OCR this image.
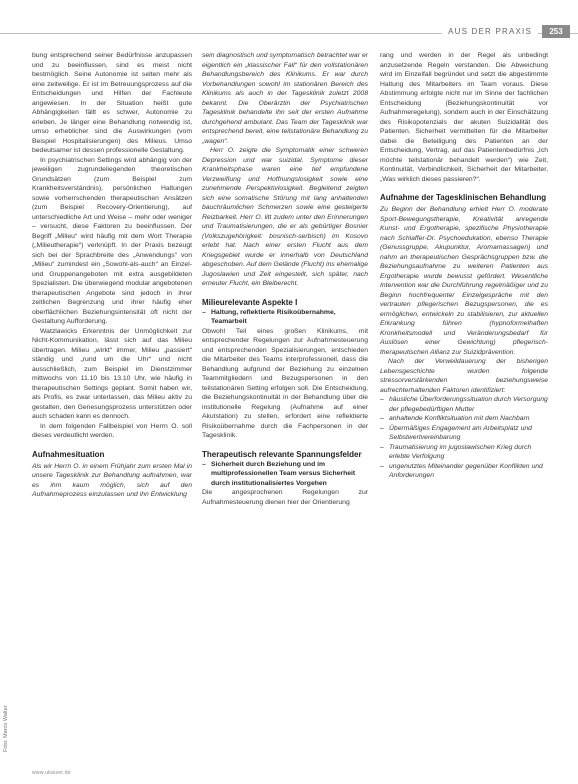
AUS DER PRAXIS	253

bung entsprechend seiner Bedürfnisse anzupassen und zu beeinflussen, sind es meist nicht bestmöglich. Seine Autonomie ist selten mehr als eine zeitweilige. Er ist im Betreuungsprozess auf die Entscheidungen und Hilfen der Fachleute angewiesen. In der Situation heißt gute Abhängigkeiten fällt es schwer, Autonomie zu erleben. Je länger eine Behandlung notwendig ist, umso erheblicher sind die Auswirkungen (vom Beispiel Hospitalisierungen) des Milieus. Umso bedeutsamer ist dessen professionelle Gestaltung.

In psychiatrischen Settings wird abhängig von der jeweiligen zugrundeliegenden theoretischen Grundsätzen (zum Beispiel zum Krankheitsverständnis), persönlichen Haltungen sowie vorherrschenden therapeutischen Ansätzen (zum Beispiel Recovery-Orientierung), auf unterschiedliche Art und Weise – mehr oder weniger – versucht, diese Faktoren zu beeinflussen. Der Begriff „Milieu“ wird häufig mit dem Wort Therapie („Milieutherapie“) verknüpft. In der Praxis bezeugt sich bei der Sprachbreite des „Anwendungs“ von „Milieu“ zumindest ein „Sowohl-als-auch“ an Einzel- und Gruppenangeboten mit extra ausgebildeten Spezialisten. Die überwiegend modular angebotenen therapeutischen Angebote sind jedoch in ihrer zeitlichen Begrenzung und ihrer häufig eher oberflächlichen Beziehungsintensität oft nicht der Gestaltung Aufforderung.

Watzlawicks Erkenntnis der Unmöglichkeit zur Nicht-Kommunikation, lässt sich auf das Milieu übertragen. Milieu „wirkt“ immer, Milieu „passiert“ ständig und „rund um die Uhr“ und nicht ausschließlich, zum Beispiel im Dienstzimmer mittwochs von 11.10 bis 13.10 Uhr, wie häufig in therapeutischen Settings geplant. Somit haben wir, als Profis, es zwar unterlassen, das Milieu aktiv zu gestalten, den Genesungsprozess unterstützen oder auch schaden kann es dennoch.

In dem folgenden Fallbeispiel von Herrn O. soll dieses verdeutlicht werden.

Aufnahmesituation

Als wir Herrn O. in einem Frühjahr zum ersten Mal in unsere Tagesklinik zur Behandlung aufnahmen, war es ihm kaum möglich, sich auf den Aufnahmeprozess einzulassen und ihn Entwicklung

sein diagnostisch und symptomatisch betrachtet war er eigentlich ein „klassischer Fall“ für den vollstationären Behandlungsbereich des Klinikums. Er war durch Vorbehandlungen sowohl im stationären Bereich des Klinikums als auch in der Tagesklinik zuletzt 2008 bekannt. Die Oberärztin der Psychiatrischen Tagesklinik behandelte ihn seit der ersten Aufnahme durchgehend ambulant. Das Team der Tagesklinik war entsprechend bereit, eine teilstationäre Behandlung zu „wagen“.

Herr O. zeigte die Symptomatik einer schweren Depression und war suizidal. Symptome dieser Krankheitsphase waren eine tief empfundene Verzweiflung und Hoffnungslosigkeit sowie eine zunehmende Perspektivlosigkeit. Begleitend zeigten sich eine somatische Störung mit lang anhaltenden bauchräumlichen Schmerzen sowie eine gesteigerte Reizbarkeit. Herr O. litt zudem unter den Erinnerungen und Traumatisierungen, die er als gebürtiger Bosnier (Volkszugehörigkeit: bosnisch-serbisch) im Kosovo erlebt hat. Nach einer ersten Flucht aus dem Kriegsgebiet wurde er innerhalb von Deutschland abgeschoben. Auf dem Gelände (Flucht) ins ehemalige Jugoslawien und Zeit eingestellt, sich später, nach erneuter Flucht, ein Bleiberecht.

Milieurelevante Aspekte I
– Haltung, reflektierte Risikoübernahme, Teamarbeit

Obwohl Teil eines großen Klinikums, mit entsprechender Regelungen zur Aufnahmesteuerung und entsprechenden Spezialisierungen, entschieden die Mitarbeiter des Teams interprofessionell, dass die Behandlung aufgrund der Beziehung zu einzelnen Teammitgliedern und Bezugspersonen in den teilstationären Setting erfolgen soll. Die Entscheidung, die Beziehungskontinuität in der Behandlung über die institutionelle Regelung (Aufnahme auf einer Akutstation) zu stellen, erfordert eine reflektierte Risikoübernahme durch die Fachpersonen in der Tagesklinik.

Therapeutisch relevante Spannungsfelder
– Sicherheit durch Beziehung und im multiprofessionellen Team versus Sicherheit durch institutionalisiertes Vorgehen

Die angesprochenen Regelungen zur Aufnahmesteuerung dienen hier der Orientierung

rang und werden in der Regel als unbedingt anzusetzende Regeln verstanden. Die Abweichung wird im Einzelfall begründet und setzt die abgestimmte Haltung des Mitarbeiters im Team voraus. Diese Abstimmung erfolgte nicht nur im Sinne der fachlichen Entscheidung (Beziehungskontinuität vor Aufnahmeregelung), sondern auch in der Einschätzung des Risikopotenzials der akuten Suizidalität des Patienten. Sicherheit vermittelten für die Mitarbeiter dabei die Beteiligung des Patienten an der Entscheidung, Vertrag, auf das Patientenbedürfnis „Ich möchte teilstationär behandelt werden“) wie Zeit, Kontinuität, Verbindlichkeit, Sicherheit der Mitarbeiter, „Was wirklich dieses passieren?“.

Aufnahme der Tagesklinischen Behandlung

Zu Beginn der Behandlung erhielt Herr O. moderate Sport-Bewegungstherapie, Kreativität anregende Kunst- und Ergotherapie, spezifische Physiotherapie nach Schlaffer-Dr. Psychoedukation, ebenso Therapie (Genussgruppe, Akupunktur, Aromamassagen) und nahm an therapeutischen Gesprächsgruppen bzw. die Beziehungsaufnahme zu weiteren Patienten aus Ergotherapie wurde bewusst gefördert. Wesentliche Intervention war die Durchführung regelmäßiger und zu Beginn hochfrequenter Einzelgespräche mit den vertrauten pflegerischen Bezugspersonen, die es ermöglichen, entwickeln zu stabilisieren, zur aktuellen Erkrankung führen (hypnoformelhaften Kronkheitsmodell und Veränderungsbedarf für Auslösen einer Gewichtung) pflegerisch-therapeutischen Allianz zur Suizidprävention.

Nach der Verweildauerung der bisherigen Lebensgeschichte wurden folgende stressorverstärkenden beziehungsweise aufrechterhaltenden Faktoren identifiziert:

– häusliche Überforderungssituation durch Versorgung der pflegebedürftigen Mutter
– anhaltende Konfliktsituation mit dem Nachbarn
– Übermäßiges Engagement am Arbeitsplatz und Selbstwertvereinbarung
– Traumatisierung im jugoslawischen Krieg durch erlebte Verfolgung
– ungenutztes Miteinander gegenüber Konflikten und Anforderungen
Foto: Marco Walter
www.ukaiser.de
